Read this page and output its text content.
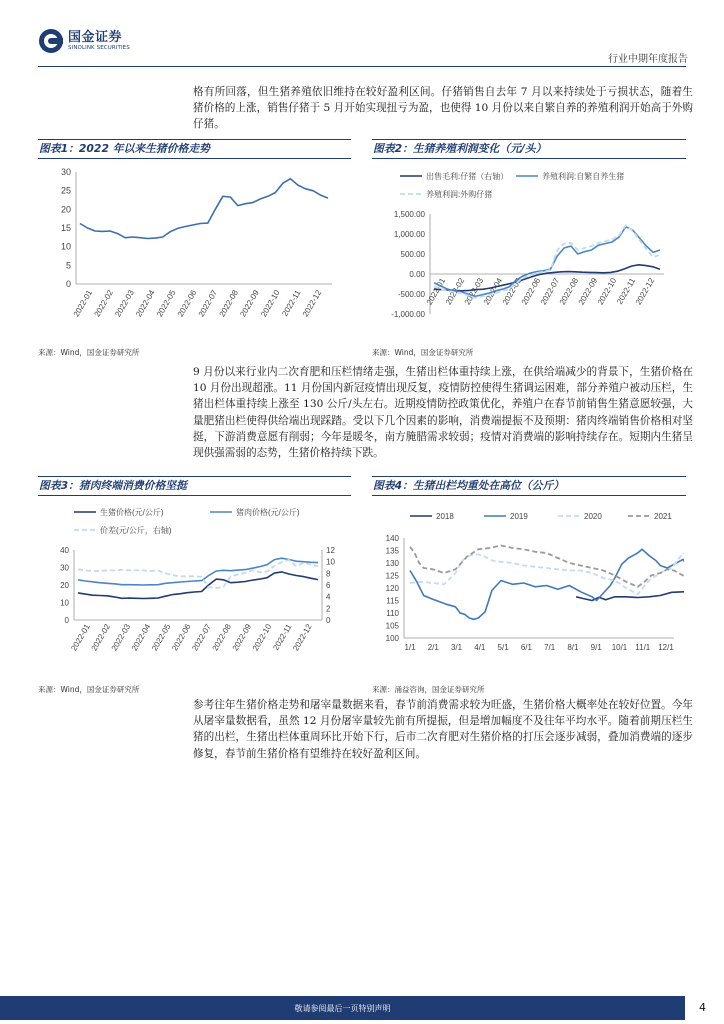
国金证券
SINOLINK SECURITIES
行业中期年度报告
格有所回落，但生猪养殖依旧维持在较好盈利区间。仔猪销售自去年 7 月以来持续处于亏损状态，随着生猪价格的上涨，销售仔猪于 5 月开始实现扭亏为盈，也使得 10 月份以来自繁自养的养殖利润开始高于外购仔猪。
图表1：2022 年以来生猪价格走势	图表2：生猪养殖利润变化（元/头）
0
5
10
15
20
25
30
2022-01
2022-02
2022-03
2022-04
2022-05
2022-06
2022-07
2022-08
2022-09
2022-10
2022-11
2022-12	-1,000.00
-500.00
0.00
500.00
1,000.00
1,500.00
2022-01
2022-02
2022-03
2022-04
2022-05
2022-06
2022-07
2022-08
2022-09
2022-10
2022-11
2022-12
出售毛利:仔猪（右轴）	养殖利润:自繁自养生猪
养殖利润:外购仔猪
来源：Wind，国金证券研究所	来源：Wind，国金证券研究所
9 月份以来行业内二次育肥和压栏情绪走强，生猪出栏体重持续上涨，在供给端减少的背景下，生猪价格在 10 月份出现超涨。11 月份国内新冠疫情出现反复，疫情防控使得生猪调运困难，部分养殖户被动压栏，生猪出栏体重持续上涨至 130 公斤/头左右。近期疫情防控政策优化，养殖户在春节前销售生猪意愿较强，大量肥猪出栏使得供给端出现踩踏。受以下几个因素的影响，消费端提振不及预期：猪肉终端销售价格相对坚挺，下游消费意愿有削弱；今年是暖冬，南方腌腊需求较弱；疫情对消费端的影响持续存在。短期内生猪呈现供强需弱的态势，生猪价格持续下跌。
图表3：猪肉终端消费价格坚挺	图表4：生猪出栏均重处在高位（公斤）
0
10
20
30
40
0
2
4
6
8
10
12
2022-01
2022-02
2022-03
2022-04
2022-05
2022-06
2022-07
2022-08
2022-09
2022-10
2022-11
2022-12
生猪价格(元/公斤)	猪肉价格(元/公斤)
价差(元/公斤，右轴)
100
105
110
115
120
125
130
135
140
1/1 2/1 3/1 4/1 5/1 6/1 7/1 8/1 9/1 10/1 11/1 12/1
2018	2019	2020	2021
来源：Wind，国金证券研究所	来源：涌益咨询，国金证券研究所
参考往年生猪价格走势和屠宰量数据来看，春节前消费需求较为旺盛，生猪价格大概率处在较好位置。今年从屠宰量数据看，虽然 12 月份屠宰量较先前有所提振，但是增加幅度不及往年平均水平。随着前期压栏生猪的出栏，生猪出栏体重周环比开始下行，后市二次育肥对生猪价格的打压会逐步减弱，叠加消费端的逐步修复，春节前生猪价格有望维持在较好盈利区间。
敬请参阅最后一页特别声明	4
